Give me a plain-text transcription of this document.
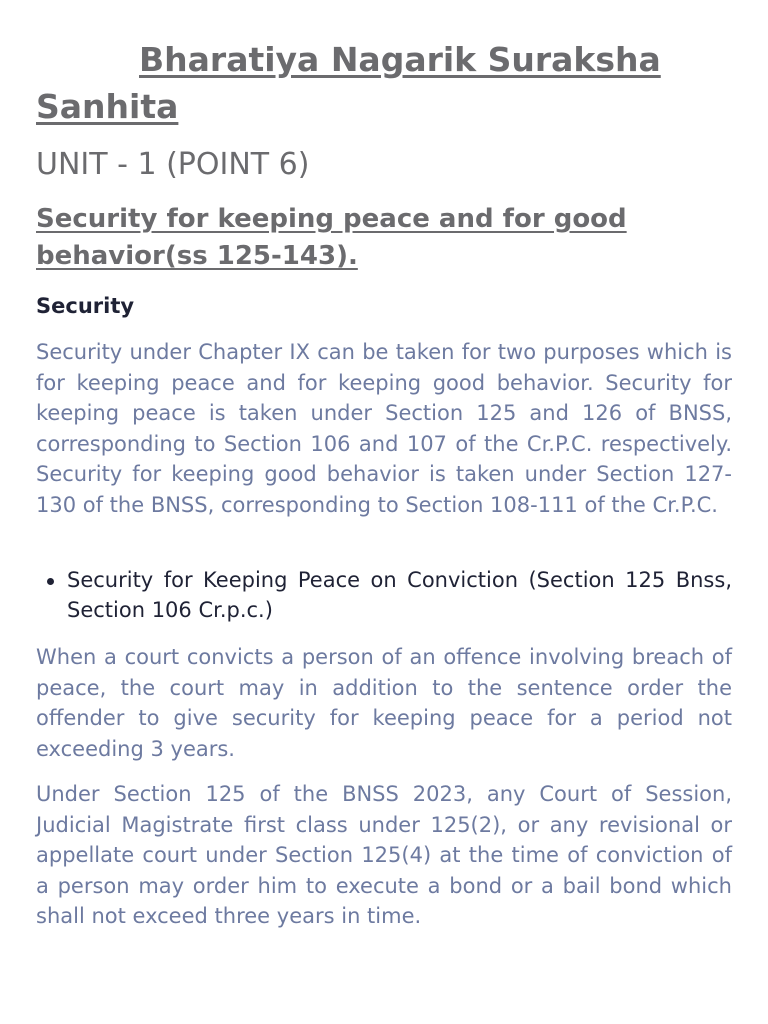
Bharatiya Nagarik Suraksha
Sanhita
UNIT - 1 (POINT 6)
Security for keeping peace and for good behavior(ss 125-143).
Security

Security under Chapter IX can be taken for two purposes which is for keeping peace and for keeping good behavior. Security for keeping peace is taken under Section 125 and 126 of BNSS, corresponding to Section 106 and 107 of the Cr.P.C. respectively. Security for keeping good behavior is taken under Section 127-130 of the BNSS, corresponding to Section 108-111 of the Cr.P.C.

Security for Keeping Peace on Conviction (Section 125 Bnss, Section 106 Cr.p.c.)

When a court convicts a person of an offence involving breach of peace, the court may in addition to the sentence order the offender to give security for keeping peace for a period not exceeding 3 years.

Under Section 125 of the BNSS 2023, any Court of Session, Judicial Magistrate first class under 125(2), or any revisional or appellate court under Section 125(4) at the time of conviction of a person may order him to execute a bond or a bail bond which shall not exceed three years in time.
